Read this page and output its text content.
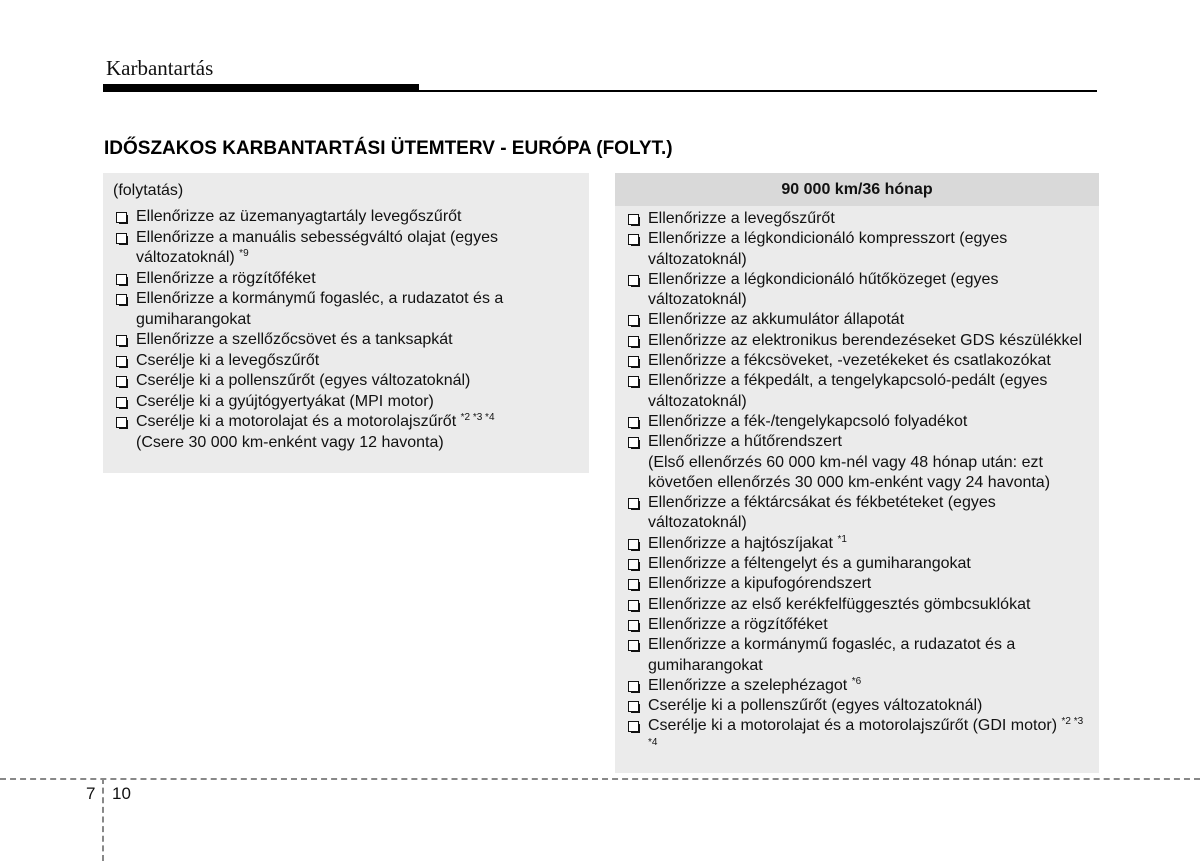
Karbantartás
IDŐSZAKOS KARBANTARTÁSI ÜTEMTERV - EURÓPA (FOLYT.)
(folytatás)
Ellenőrizze az üzemanyagtartály levegőszűrőt
Ellenőrizze a manuális sebességváltó olajat (egyes változatoknál) $^{*9}$
Ellenőrizze a rögzítőféket
Ellenőrizze a kormánymű fogasléc, a rudazatot és a gumiharangokat
Ellenőrizze a szellőzőcsövet és a tanksapkát
Cserélje ki a levegőszűrőt
Cserélje ki a pollenszűrőt (egyes változatoknál)
Cserélje ki a gyújtógyertyákat (MPI motor)
Cserélje ki a motorolajat és a motorolajszűrőt $^{*2 *3 *4}$
(Csere 30 000 km-enként vagy 12 havonta)
90 000 km/36 hónap
Ellenőrizze a levegőszűrőt
Ellenőrizze a légkondicionáló kompresszort (egyes változatoknál)
Ellenőrizze a légkondicionáló hűtőközeget (egyes változatoknál)
Ellenőrizze az akkumulátor állapotát
Ellenőrizze az elektronikus berendezéseket GDS készülékkel
Ellenőrizze a fékcsöveket, -vezetékeket és csatlakozókat
Ellenőrizze a fékpedált, a tengelykapcsoló-pedált (egyes változatoknál)
Ellenőrizze a fék-/tengelykapcsoló folyadékot
Ellenőrizze a hűtőrendszert
(Első ellenőrzés 60 000 km-nél vagy 48 hónap után: ezt követően ellenőrzés 30 000 km-enként vagy 24 havonta)
Ellenőrizze a féktárcsákat és fékbetéteket (egyes változatoknál)
Ellenőrizze a hajtószíjakat $^{*1}$
Ellenőrizze a féltengelyt és a gumiharangokat
Ellenőrizze a kipufogórendszert
Ellenőrizze az első kerékfelfüggesztés gömbcsuklókat
Ellenőrizze a rögzítőféket
Ellenőrizze a kormánymű fogasléc, a rudazatot és a gumiharangokat
Ellenőrizze a szelephézagot $^{*6}$
Cserélje ki a pollenszűrőt (egyes változatoknál)
Cserélje ki a motorolajat és a motorolajszűrőt (GDI motor) $^{*2 *3 *4}$
7 10
